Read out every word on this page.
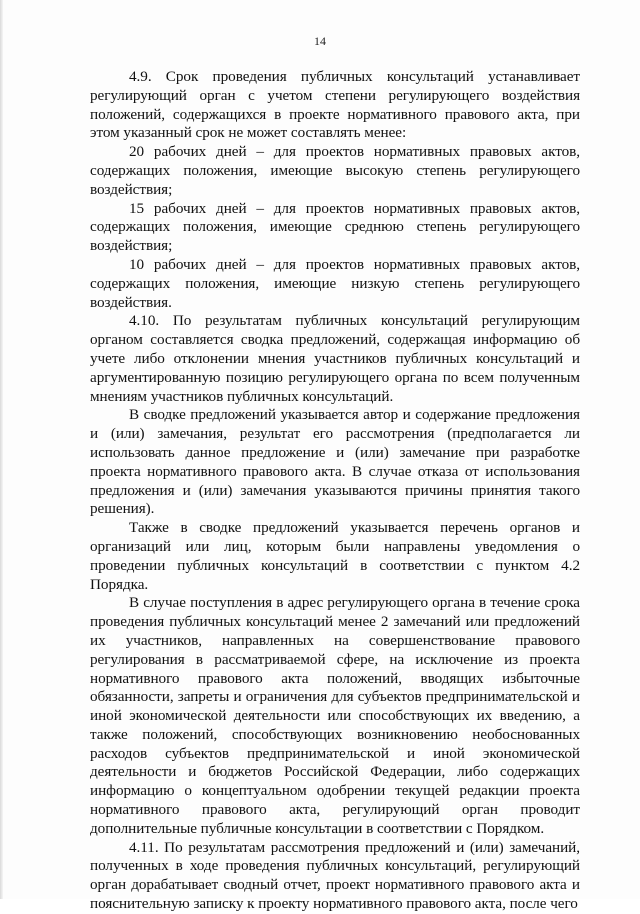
14

4.9. Срок проведения публичных консультаций устанавливает регулирующий орган с учетом степени регулирующего воздействия положений, содержащихся в проекте нормативного правового акта, при этом указанный срок не может составлять менее:

20 рабочих дней – для проектов нормативных правовых актов, содержащих положения, имеющие высокую степень регулирующего воздействия;

15 рабочих дней – для проектов нормативных правовых актов, содержащих положения, имеющие среднюю степень регулирующего воздействия;

10 рабочих дней – для проектов нормативных правовых актов, содержащих положения, имеющие низкую степень регулирующего воздействия.

4.10. По результатам публичных консультаций регулирующим органом составляется сводка предложений, содержащая информацию об учете либо отклонении мнения участников публичных консультаций и аргументированную позицию регулирующего органа по всем полученным мнениям участников публичных консультаций.

В сводке предложений указывается автор и содержание предложения и (или) замечания, результат его рассмотрения (предполагается ли использовать данное предложение и (или) замечание при разработке проекта нормативного правового акта. В случае отказа от использования предложения и (или) замечания указываются причины принятия такого решения).

Также в сводке предложений указывается перечень органов и организаций или лиц, которым были направлены уведомления о проведении публичных консультаций в соответствии с пунктом 4.2 Порядка.

В случае поступления в адрес регулирующего органа в течение срока проведения публичных консультаций менее 2 замечаний или предложений их участников, направленных на совершенствование правового регулирования в рассматриваемой сфере, на исключение из проекта нормативного правового акта положений, вводящих избыточные обязанности, запреты и ограничения для субъектов предпринимательской и иной экономической деятельности или способствующих их введению, а также положений, способствующих возникновению необоснованных расходов субъектов предпринимательской и иной экономической деятельности и бюджетов Российской Федерации, либо содержащих информацию о концептуальном одобрении текущей редакции проекта нормативного правового акта, регулирующий орган проводит дополнительные публичные консультации в соответствии с Порядком.

4.11. По результатам рассмотрения предложений и (или) замечаний, полученных в ходе проведения публичных консультаций, регулирующий орган дорабатывает сводный отчет, проект нормативного правового акта и пояснительную записку к проекту нормативного правового акта, после чего
